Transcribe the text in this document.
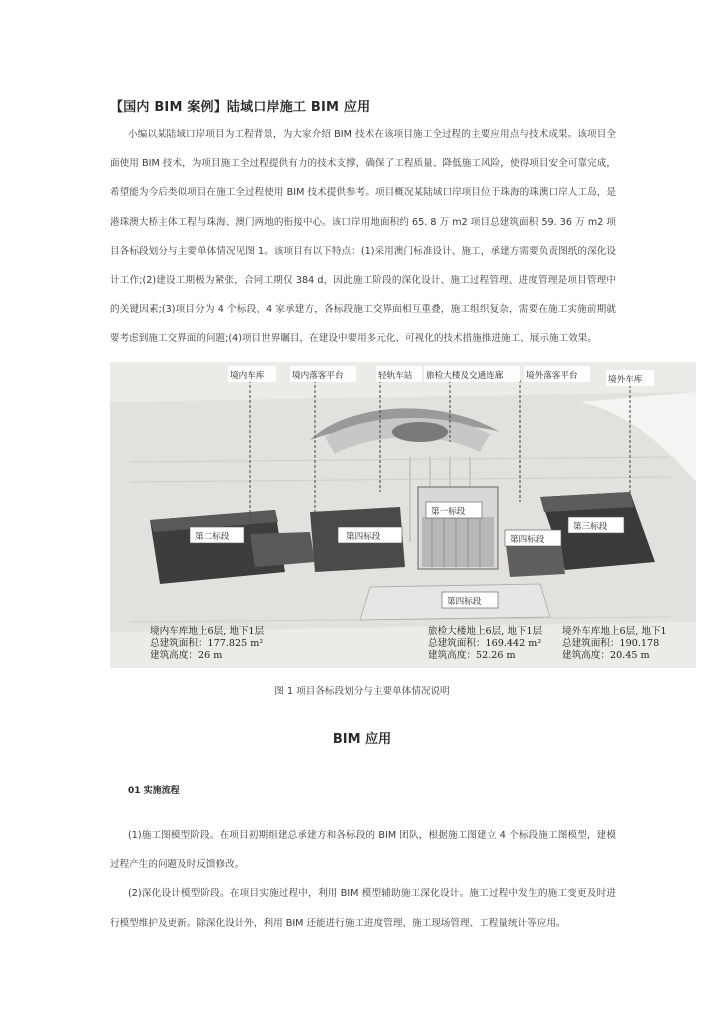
【国内 BIM 案例】陆域口岸施工 BIM 应用

小编以某陆域口岸项目为工程背景，为大家介绍 BIM 技术在该项目施工全过程的主要应用点与技术成果。该项目全面使用 BIM 技术，为项目施工全过程提供有力的技术支撑，确保了工程质量、降低施工风险，使得项目安全可靠完成，希望能为今后类似项目在施工全过程使用 BIM 技术提供参考。项目概况某陆域口岸项目位于珠海的珠澳口岸人工岛，是港珠澳大桥主体工程与珠海、澳门两地的衔接中心。该口岸用地面积约 65. 8 万 m2 项目总建筑面积 59. 36 万 m2 项目各标段划分与主要单体情况见图 1。该项目有以下特点：(1)采用澳门标准设计、施工，承建方需要负责图纸的深化设计工作;(2)建设工期极为紧张，合同工期仅 384 d，因此施工阶段的深化设计、施工过程管理、进度管理是项目管理中的关键因素;(3)项目分为 4 个标段、4 家承建方，各标段施工交界面相互重叠，施工组织复杂，需要在施工实施前期就要考虑到施工交界面的问题;(4)项目世界瞩目，在建设中要用多元化、可视化的技术措施推进施工、展示施工效果。

境内车库	境内落客平台	轻轨车站 旅检大楼及交通连廊	境外落客平台	境外车库
第一标段
第二标段
第三标段
第四标段	第四标段
第四标段
境内车库地上6层, 地下1层
总建筑面积：177.825 m²
建筑高度：26 m
旅检大楼地上6层, 地下1层
总建筑面积：169.442 m²
建筑高度：52.26 m
境外车库地上6层, 地下1
总建筑面积：190.178
建筑高度：20.45 m
图 1 项目各标段划分与主要单体情况说明
BIM 应用
01 实施流程

(1)施工图模型阶段。在项目初期组建总承建方和各标段的 BIM 团队，根据施工图建立 4 个标段施工图模型，建模过程产生的问题及时反馈修改。

(2)深化设计模型阶段。在项目实施过程中，利用 BIM 模型辅助施工深化设计。施工过程中发生的施工变更及时进行模型维护及更新。除深化设计外，利用 BIM 还能进行施工进度管理、施工现场管理、工程量统计等应用。
